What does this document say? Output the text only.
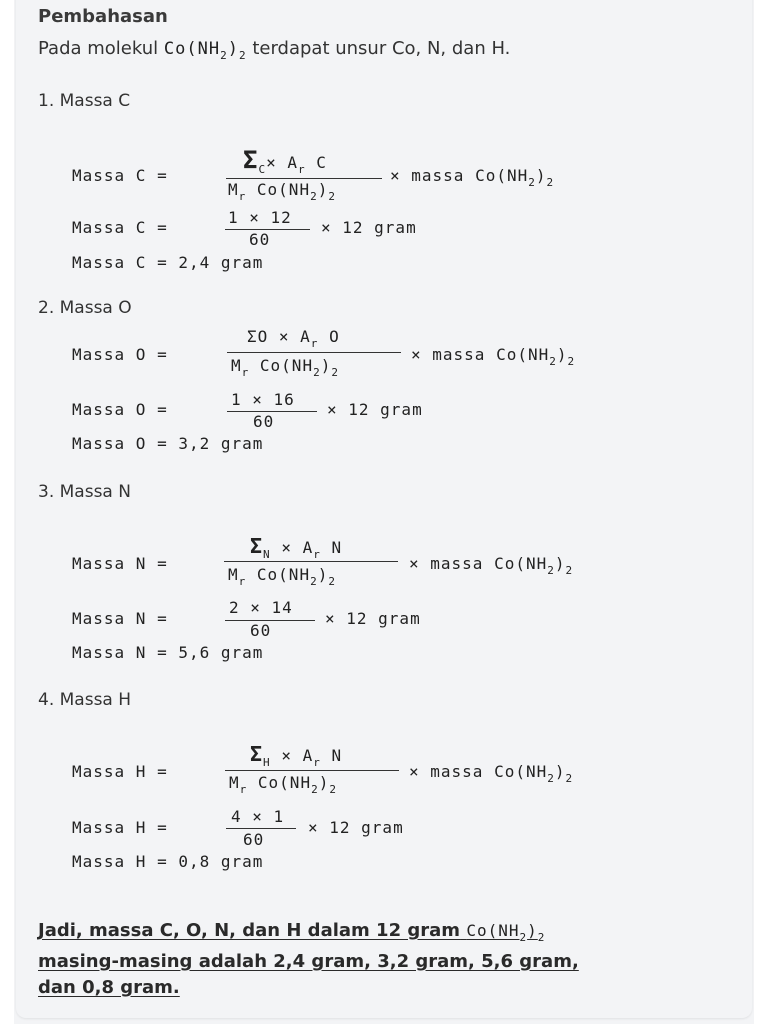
Pembahasan
Pada molekul $Co(NH_2)_2$ terdapat unsur Co, N, dan H.
1. Massa C
Massa C =
$\Sigma_C\times A_r$ C
$M_r$ $Co(NH_2)_2$
× massa $Co(NH_2)_2$
Massa C =
1 × 12
60
× 12 gram
Massa C = 2,4 gram
2. Massa O
Massa O =
$\Sigma O \times A_r$ O
$M_r$ $Co(NH_2)_2$
× massa $Co(NH_2)_2$
Massa O =
1 × 16
60
× 12 gram
Massa O = 3,2 gram
3. Massa N
Massa N =
$\Sigma_N \times A_r$ N
$M_r$ $Co(NH_2)_2$
× massa $Co(NH_2)_2$
Massa N =
2 × 14
60
× 12 gram
Massa N = 5,6 gram
4. Massa H
Massa H =
$\Sigma_H \times A_r$ N
$M_r$ $Co(NH_2)_2$
× massa $Co(NH_2)_2$
Massa H =
4 × 1
60
× 12 gram
Massa H = 0,8 gram
Jadi, massa C, O, N, dan H dalam 12 gram $Co(NH_2)_2$
masing-masing adalah 2,4 gram, 3,2 gram, 5,6 gram,
dan 0,8 gram.
